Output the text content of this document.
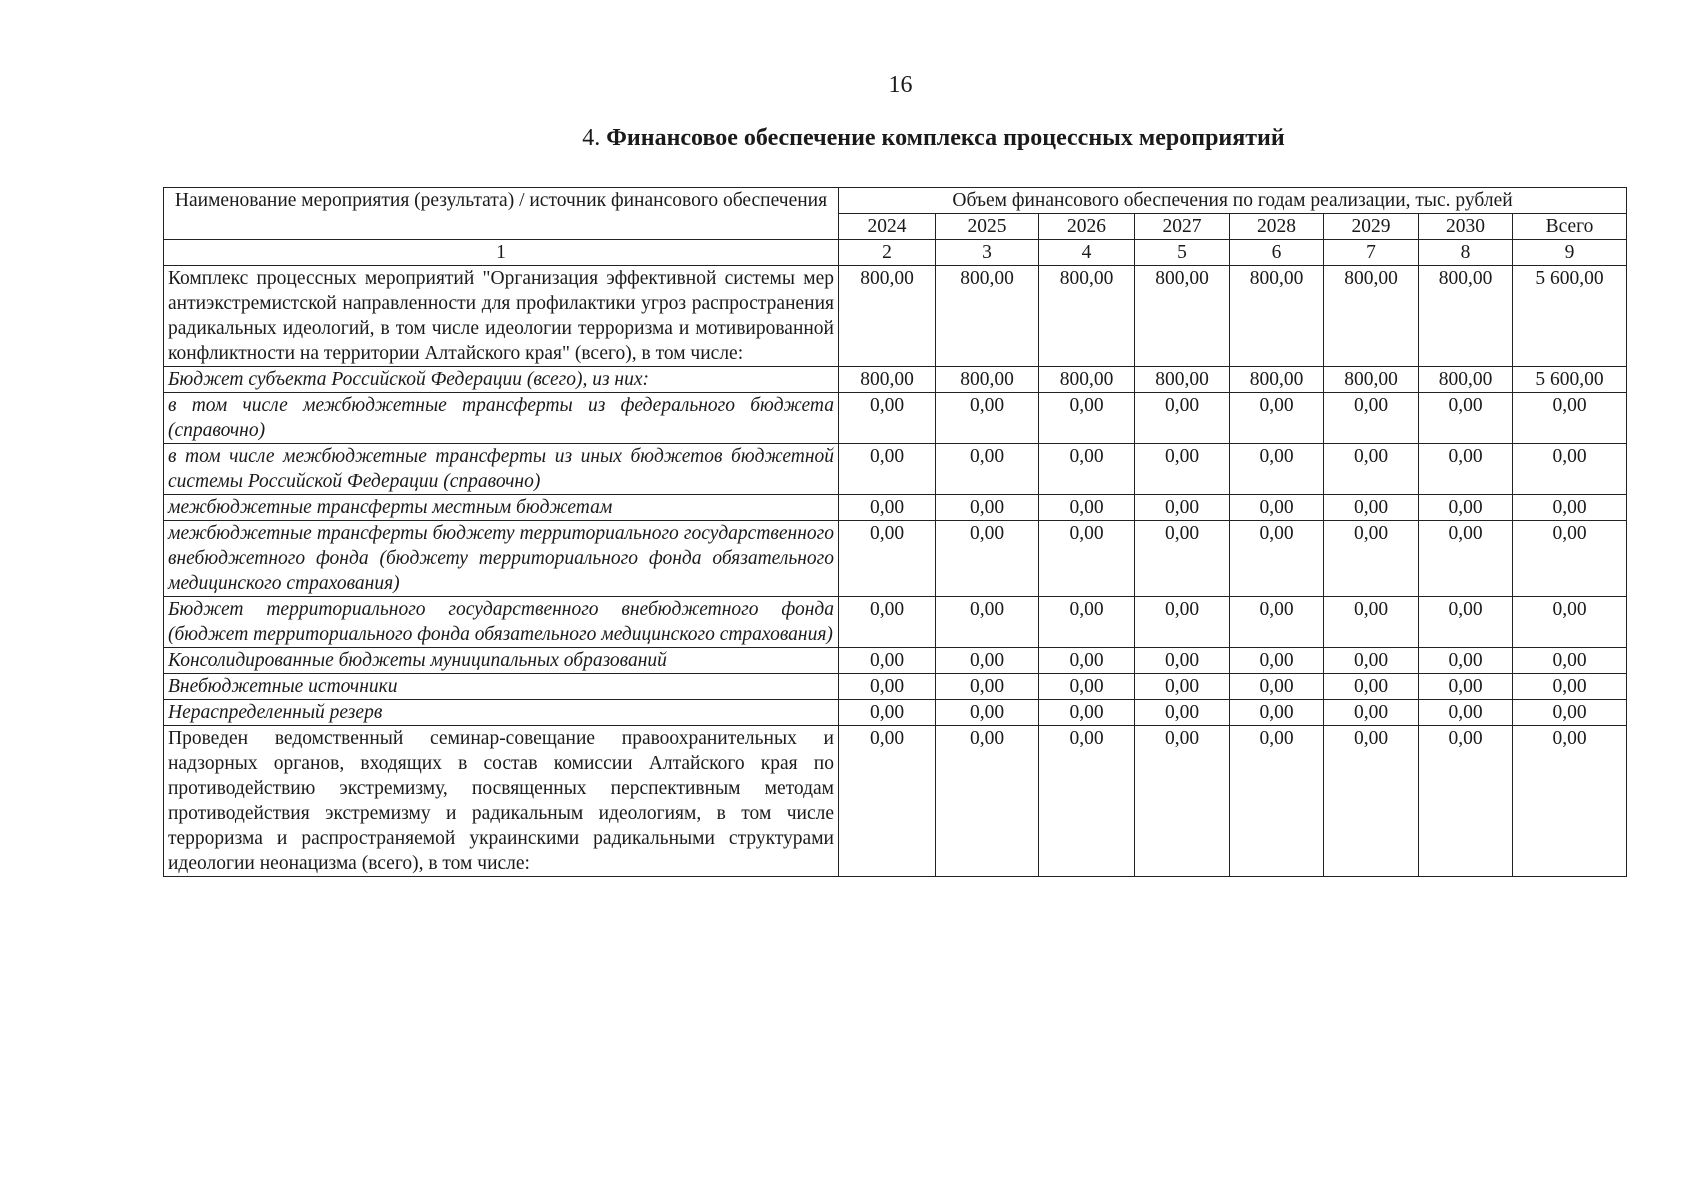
16
4. Финансовое обеспечение комплекса процессных мероприятий
Наименование мероприятия (результата) / источник финансового обеспечения	Объем финансового обеспечения по годам реализации, тыс. рублей							
	2024	2025	2026	2027	2028	2029	2030	Всего
1	2	3	4	5	6	7	8	9
Комплекс процессных мероприятий "Организация эффективной системы мер антиэкстремистской направленности для профилактики угроз распространения радикальных идеологий, в том числе идеологии терроризма и мотивированной конфликтности на территории Алтайского края" (всего), в том числе:	800,00	800,00	800,00	800,00	800,00	800,00	800,00	5 600,00
Бюджет субъекта Российской Федерации (всего), из них:	800,00	800,00	800,00	800,00	800,00	800,00	800,00	5 600,00
в том числе межбюджетные трансферты из федерального бюджета (справочно)	0,00	0,00	0,00	0,00	0,00	0,00	0,00	0,00
в том числе межбюджетные трансферты из иных бюджетов бюджетной системы Российской Федерации (справочно)	0,00	0,00	0,00	0,00	0,00	0,00	0,00	0,00
межбюджетные трансферты местным бюджетам	0,00	0,00	0,00	0,00	0,00	0,00	0,00	0,00
межбюджетные трансферты бюджету территориального государственного внебюджетного фонда (бюджету территориального фонда обязательного медицинского страхования)	0,00	0,00	0,00	0,00	0,00	0,00	0,00	0,00
Бюджет территориального государственного внебюджетного фонда (бюджет территориального фонда обязательного медицинского страхования)	0,00	0,00	0,00	0,00	0,00	0,00	0,00	0,00
Консолидированные бюджеты муниципальных образований	0,00	0,00	0,00	0,00	0,00	0,00	0,00	0,00
Внебюджетные источники	0,00	0,00	0,00	0,00	0,00	0,00	0,00	0,00
Нераспределенный резерв	0,00	0,00	0,00	0,00	0,00	0,00	0,00	0,00
Проведен ведомственный семинар-совещание правоохранительных и надзорных органов, входящих в состав комиссии Алтайского края по противодействию экстремизму, посвященных перспективным методам противодействия экстремизму и радикальным идеологиям, в том числе терроризма и распространяемой украинскими радикальными структурами идеологии неонацизма (всего), в том числе:	0,00	0,00	0,00	0,00	0,00	0,00	0,00	0,00
